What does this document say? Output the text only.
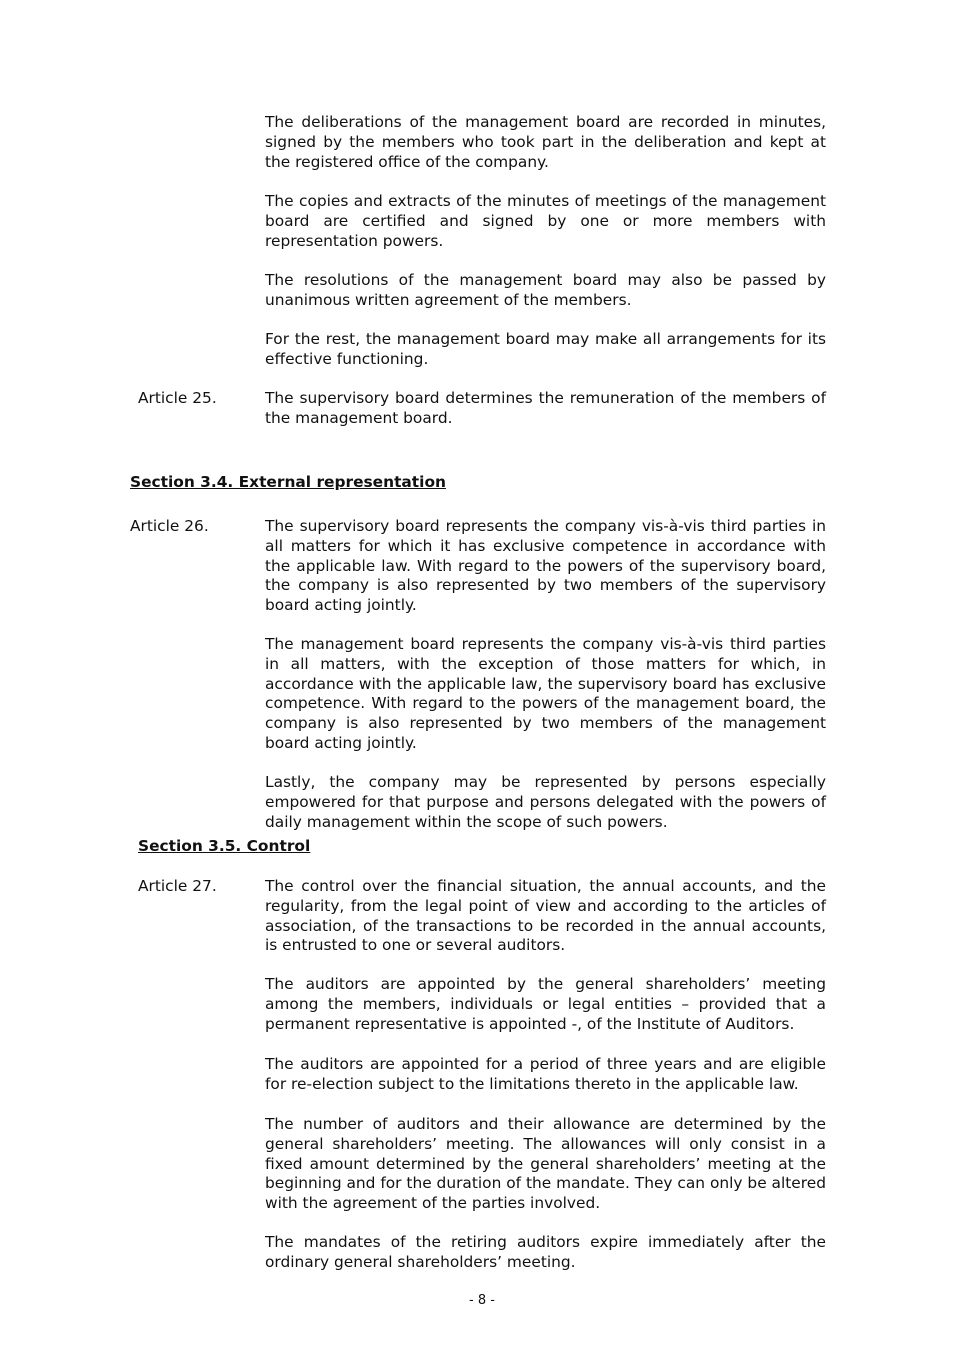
The deliberations of the management board are recorded in minutes, signed by the members who took part in the deliberation and kept at the registered office of the company.

The copies and extracts of the minutes of meetings of the management board are certified and signed by one or more members with representation powers.

The resolutions of the management board may also be passed by unanimous written agreement of the members.

For the rest, the management board may make all arrangements for its effective functioning.

Article 25.	The supervisory board determines the remuneration of the members of the management board.

Section 3.4. External representation

Article 26.	The supervisory board represents the company vis-à-vis third parties in all matters for which it has exclusive competence in accordance with the applicable law. With regard to the powers of the supervisory board, the company is also represented by two members of the supervisory board acting jointly.

The management board represents the company vis-à-vis third parties in all matters, with the exception of those matters for which, in accordance with the applicable law, the supervisory board has exclusive competence. With regard to the powers of the management board, the company is also represented by two members of the management board acting jointly.

Lastly, the company may be represented by persons especially empowered for that purpose and persons delegated with the powers of daily management within the scope of such powers.

Section 3.5. Control

Article 27.	The control over the financial situation, the annual accounts, and the regularity, from the legal point of view and according to the articles of association, of the transactions to be recorded in the annual accounts, is entrusted to one or several auditors.

The auditors are appointed by the general shareholders’ meeting among the members, individuals or legal entities – provided that a permanent representative is appointed -, of the Institute of Auditors.

The auditors are appointed for a period of three years and are eligible for re-election subject to the limitations thereto in the applicable law.

The number of auditors and their allowance are determined by the general shareholders’ meeting. The allowances will only consist in a fixed amount determined by the general shareholders’ meeting at the beginning and for the duration of the mandate. They can only be altered with the agreement of the parties involved.

The mandates of the retiring auditors expire immediately after the ordinary general shareholders’ meeting.

- 8 -
